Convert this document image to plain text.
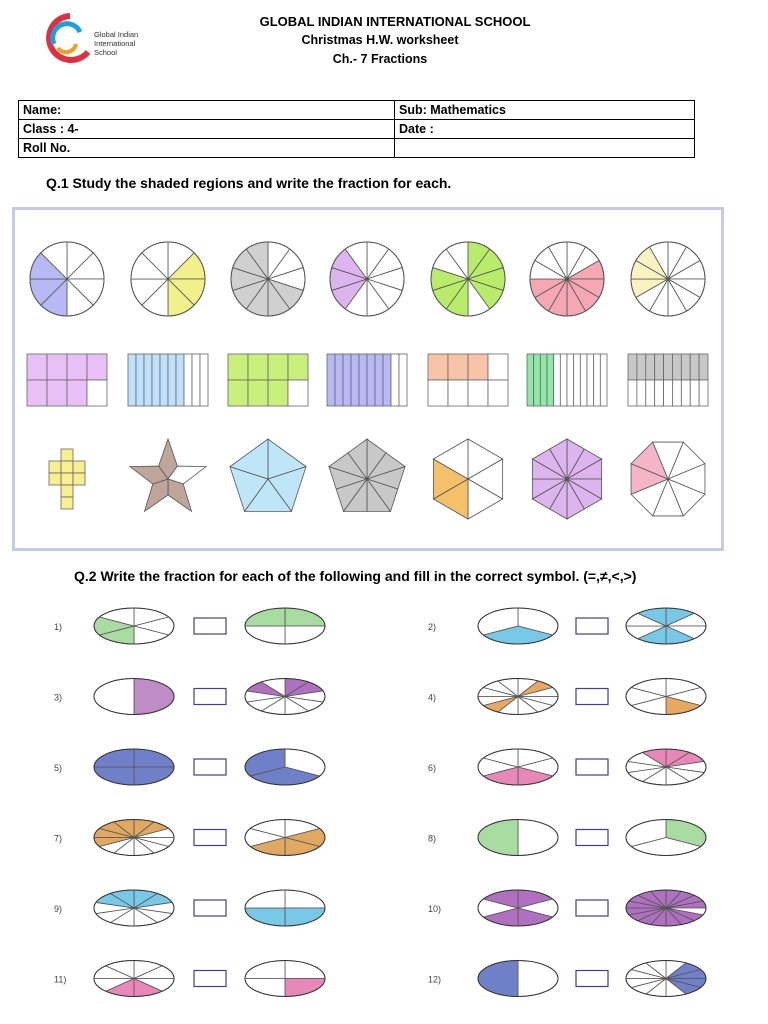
Global Indian
International
School
GLOBAL INDIAN INTERNATIONAL SCHOOL
Christmas H.W. worksheet
Ch.- 7 Fractions
Name:	Sub: Mathematics
Class : 4-	Date :
Roll No.	
Q.1 Study the shaded regions and write the fraction for each.
Q.2 Write the fraction for each of the following and fill in the correct symbol. (=,≠,<,>)
1)	2)
3)	4)
5)	6)
7)	8)
9)	10)
11)	12)
